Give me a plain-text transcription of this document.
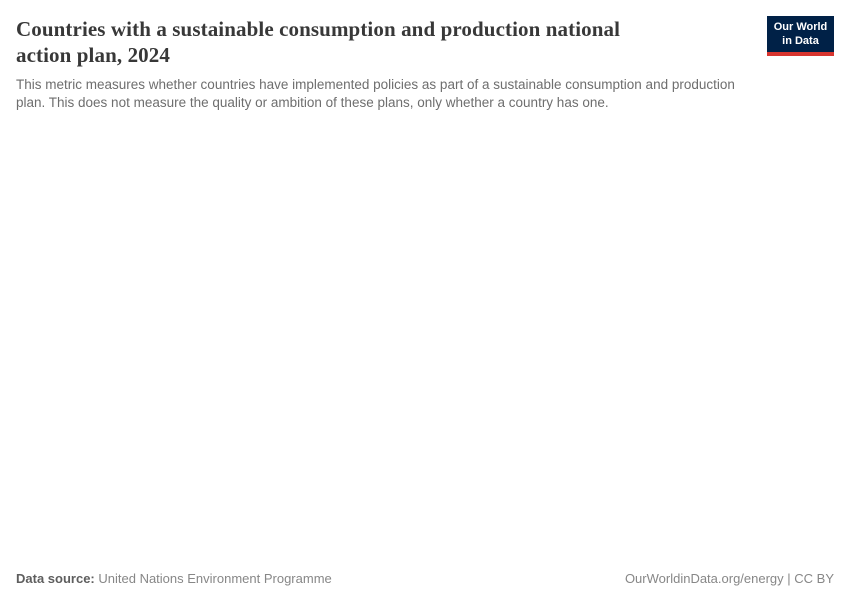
Countries with a sustainable consumption and production national
action plan, 2024
This metric measures whether countries have implemented policies as part of a sustainable consumption and production
plan. This does not measure the quality or ambition of these plans, only whether a country has one.
Our World
in Data
Data source: United Nations Environment Programme	OurWorldinData.org/energy | CC BY
